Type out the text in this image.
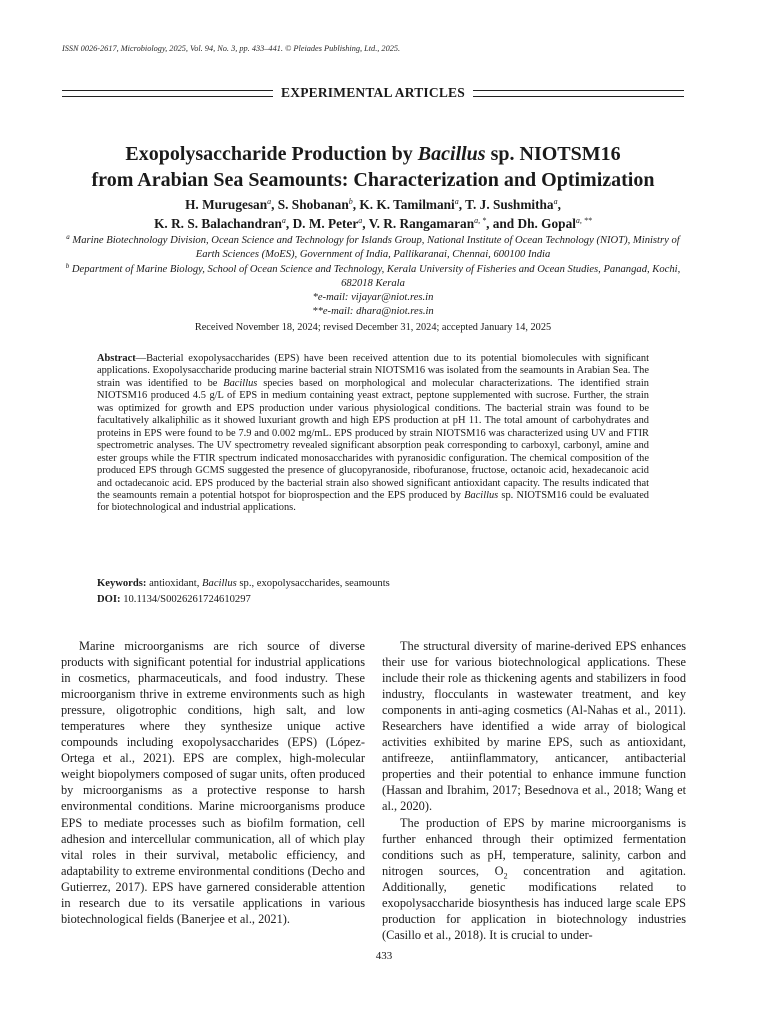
ISSN 0026-2617, Microbiology, 2025, Vol. 94, No. 3, pp. 433–441. © Pleiades Publishing, Ltd., 2025.
EXPERIMENTAL ARTICLES
Exopolysaccharide Production by Bacillus sp. NIOTSM16
from Arabian Sea Seamounts: Characterization and Optimization
H. Murugesan$^a$, S. Shobanan$^b$, K. K. Tamilmani$^a$, T. J. Sushmitha$^a$,
K. R. S. Balachandran$^a$, D. M. Peter$^a$, V. R. Rangamaran$^{a, *}$, and Dh. Gopal$^{a, **}$
$^a$ Marine Biotechnology Division, Ocean Science and Technology for Islands Group, National Institute of Ocean Technology (NIOT), Ministry of Earth Sciences (MoES), Government of India, Pallikaranai, Chennai, 600100 India
$^b$ Department of Marine Biology, School of Ocean Science and Technology, Kerala University of Fisheries and Ocean Studies, Panangad, Kochi, 682018 Kerala
*e-mail: vijayar@niot.res.in
**e-mail: dhara@niot.res.in
Received November 18, 2024; revised December 31, 2024; accepted January 14, 2025
Abstract—Bacterial exopolysaccharides (EPS) have been received attention due to its potential biomolecules with significant applications. Exopolysaccharide producing marine bacterial strain NIOTSM16 was isolated from the seamounts in Arabian Sea. The strain was identified to be Bacillus species based on morphological and molecular characterizations. The identified strain NIOTSM16 produced 4.5 g/L of EPS in medium containing yeast extract, peptone supplemented with sucrose. Further, the strain was optimized for growth and EPS production under various physiological conditions. The bacterial strain was found to be facultatively alkaliphilic as it showed luxuriant growth and high EPS production at pH 11. The total amount of carbohydrates and proteins in EPS were found to be 7.9 and 0.002 mg/mL. EPS produced by strain NIOTSM16 was characterized using UV and FTIR spectrometric analyses. The UV spectrometry revealed significant absorption peak corresponding to carboxyl, carbonyl, amine and ester groups while the FTIR spectrum indicated monosaccharides with pyranosidic configuration. The chemical composition of the produced EPS through GCMS suggested the presence of glucopyranoside, ribofuranose, fructose, octanoic acid, hexadecanoic acid and octadecanoic acid. EPS produced by the bacterial strain also showed significant antioxidant capacity. The results indicated that the seamounts remain a potential hotspot for bioprospection and the EPS produced by Bacillus sp. NIOTSM16 could be evaluated for biotechnological and industrial applications.
Keywords: antioxidant, Bacillus sp., exopolysaccharides, seamounts
DOI: 10.1134/S0026261724610297

Marine microorganisms are rich source of diverse products with significant potential for industrial applications in cosmetics, pharmaceuticals, and food industry. These microorganism thrive in extreme environments such as high pressure, oligotrophic conditions, high salt, and low temperatures where they synthesize unique active compounds including exopolysaccharides (EPS) (López-Ortega et al., 2021). EPS are complex, high-molecular weight biopolymers composed of sugar units, often produced by microorganisms as a protective response to harsh environmental conditions. Marine microorganisms produce EPS to mediate processes such as biofilm formation, cell adhesion and intercellular communication, all of which play vital roles in their survival, metabolic efficiency, and adaptability to extreme environmental conditions (Decho and Gutierrez, 2017). EPS have garnered considerable attention in research due to its versatile applications in various biotechnological fields (Banerjee et al., 2021).

The structural diversity of marine-derived EPS enhances their use for various biotechnological applications. These include their role as thickening agents and stabilizers in food industry, flocculants in wastewater treatment, and key components in anti-aging cosmetics (Al-Nahas et al., 2011). Researchers have identified a wide array of biological activities exhibited by marine EPS, such as antioxidant, antifreeze, antiinflammatory, anticancer, antibacterial properties and their potential to enhance immune function (Hassan and Ibrahim, 2017; Besednova et al., 2018; Wang et al., 2020).

The production of EPS by marine microorganisms is further enhanced through their optimized fermentation conditions such as pH, temperature, salinity, carbon and nitrogen sources, $O_2$ concentration and agitation. Additionally, genetic modifications related to exopolysaccharide biosynthesis has induced large scale EPS production for application in biotechnology industries (Casillo et al., 2018). It is crucial to under-

433
